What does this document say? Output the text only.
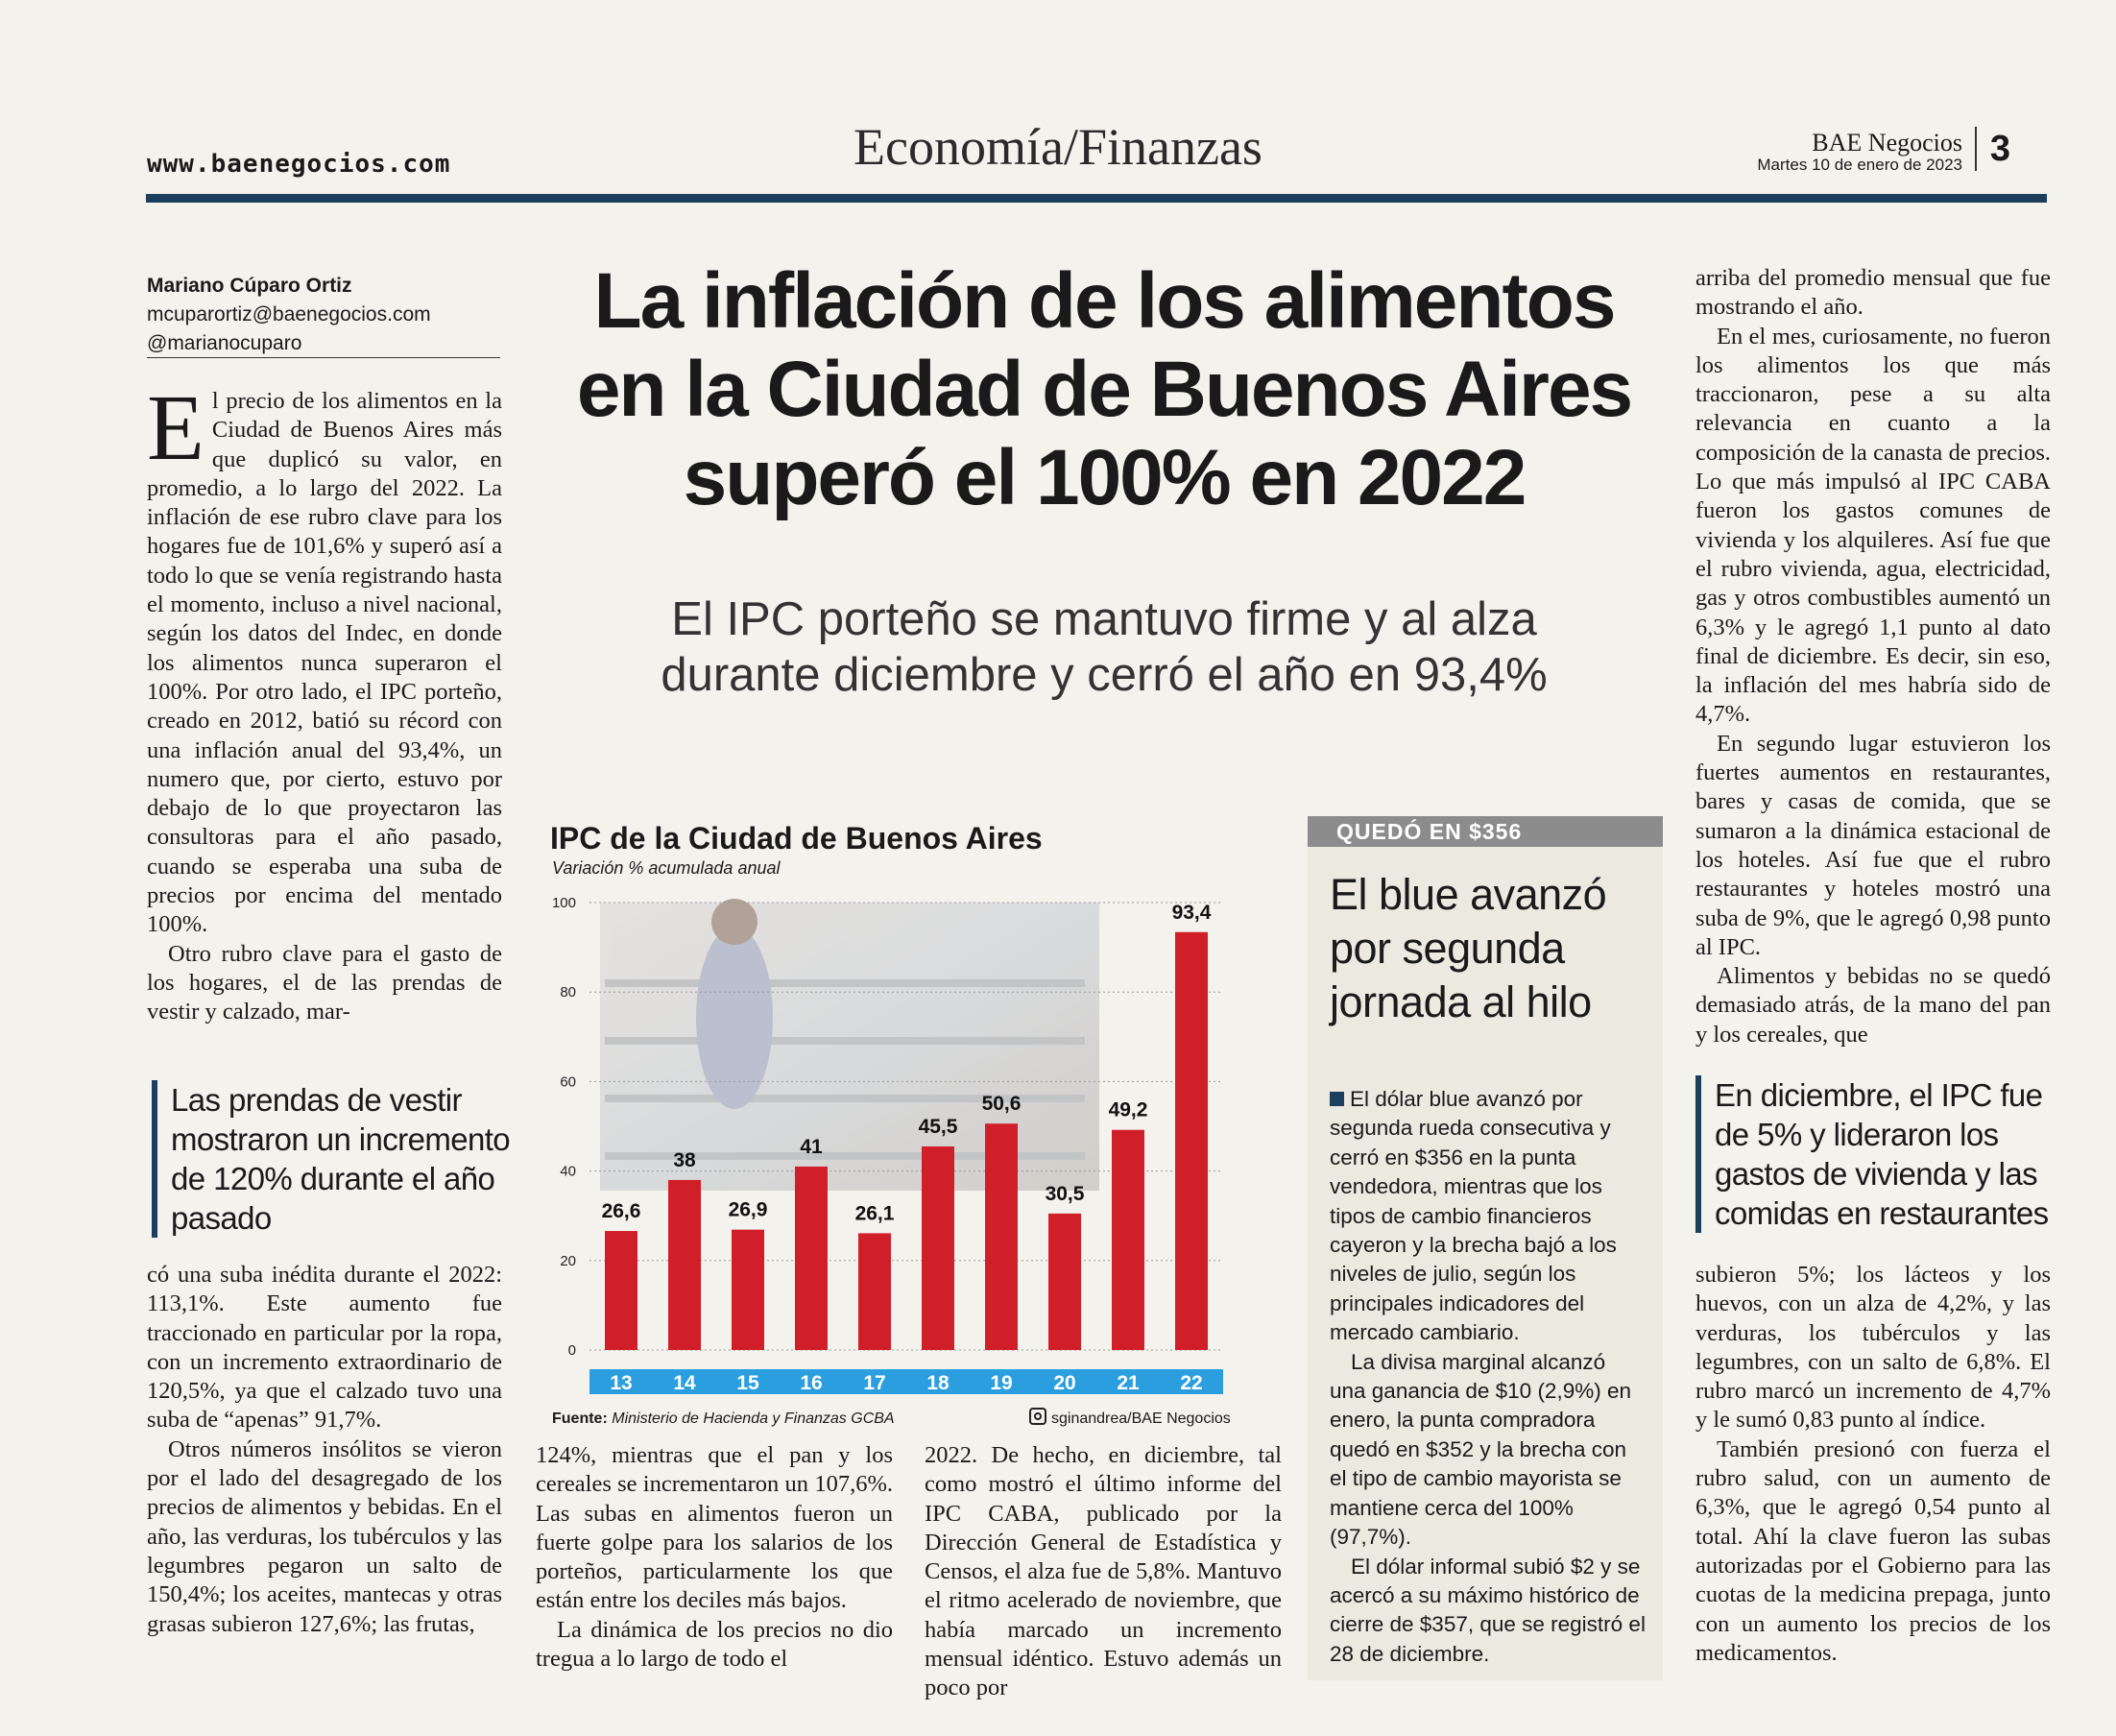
www.baenegocios.com	Economía/Finanzas	BAE Negocios
Martes 10 de enero de 2023 3
Mariano Cúparo Ortiz
mcuparortiz@baenegocios.com
@marianocuparo
E l precio de los alimentos en la Ciudad de Buenos Aires más que duplicó su valor, en promedio, a lo largo del 2022. La inflación de ese rubro clave para los hogares fue de 101,6% y superó así a todo lo que se venía registrando hasta el momento, incluso a nivel nacional, según los datos del Indec, en donde los alimentos nunca superaron el 100%. Por otro lado, el IPC porteño, creado en 2012, batió su récord con una inflación anual del 93,4%, un numero que, por cierto, estuvo por debajo de lo que proyectaron las consultoras para el año pasado, cuando se esperaba una suba de precios por encima del mentado 100%.

Otro rubro clave para el gasto de los hogares, el de las prendas de vestir y calzado, mar-

Las prendas de vestir mostraron un incremento de 120% durante el año pasado

có una suba inédita durante el 2022: 113,1%. Este aumento fue traccionado en particular por la ropa, con un incremento extraordinario de 120,5%, ya que el calzado tuvo una suba de “apenas” 91,7%.

Otros números insólitos se vieron por el lado del desagregado de los precios de alimentos y bebidas. En el año, las verduras, los tubérculos y las legumbres pegaron un salto de 150,4%; los aceites, mantecas y otras grasas subieron 127,6%; las frutas,

La inflación de los alimentos
en la Ciudad de Buenos Aires
superó el 100% en 2022
El IPC porteño se mantuvo firme y al alza
durante diciembre y cerró el año en 93,4%
IPC de la Ciudad de Buenos Aires
Variación % acumulada anual
0
20
40
60
80
100
26,6
38
26,9
41
26,1
45,5
50,6
30,5
49,2
93,4
13 14 15 16 17 18 19 20 21 22
Fuente: Ministerio de Hacienda y Finanzas GCBA	sginandrea/BAE Negocios

124%, mientras que el pan y los cereales se incrementaron un 107,6%. Las subas en alimentos fueron un fuerte golpe para los salarios de los porteños, particularmente los que están entre los deciles más bajos.

La dinámica de los precios no dio tregua a lo largo de todo el

2022. De hecho, en diciembre, tal como mostró el último informe del IPC CABA, publicado por la Dirección General de Estadística y Censos, el alza fue de 5,8%. Mantuvo el ritmo acelerado de noviembre, que había marcado un incremento mensual idéntico. Estuvo además un poco por

QUEDÓ EN $356
El blue avanzó por segunda jornada al hilo

El dólar blue avanzó por segunda rueda consecutiva y cerró en $356 en la punta vendedora, mientras que los tipos de cambio financieros cayeron y la brecha bajó a los niveles de julio, según los principales indicadores del mercado cambiario.

La divisa marginal alcanzó una ganancia de $10 (2,9%) en enero, la punta compradora quedó en $352 y la brecha con el tipo de cambio mayorista se mantiene cerca del 100% (97,7%).

El dólar informal subió $2 y se acercó a su máximo histórico de cierre de $357, que se registró el 28 de diciembre.

arriba del promedio mensual que fue mostrando el año.

En el mes, curiosamente, no fueron los alimentos los que más traccionaron, pese a su alta relevancia en cuanto a la composición de la canasta de precios. Lo que más impulsó al IPC CABA fueron los gastos comunes de vivienda y los alquileres. Así fue que el rubro vivienda, agua, electricidad, gas y otros combustibles aumentó un 6,3% y le agregó 1,1 punto al dato final de diciembre. Es decir, sin eso, la inflación del mes habría sido de 4,7%.

En segundo lugar estuvieron los fuertes aumentos en restaurantes, bares y casas de comida, que se sumaron a la dinámica estacional de los hoteles. Así fue que el rubro restaurantes y hoteles mostró una suba de 9%, que le agregó 0,98 punto al IPC.

Alimentos y bebidas no se quedó demasiado atrás, de la mano del pan y los cereales, que

En diciembre, el IPC fue de 5% y lideraron los gastos de vivienda y las comidas en restaurantes

subieron 5%; los lácteos y los huevos, con un alza de 4,2%, y las verduras, los tubérculos y las legumbres, con un salto de 6,8%. El rubro marcó un incremento de 4,7% y le sumó 0,83 punto al índice.

También presionó con fuerza el rubro salud, con un aumento de 6,3%, que le agregó 0,54 punto al total. Ahí la clave fueron las subas autorizadas por el Gobierno para las cuotas de la medicina prepaga, junto con un aumento los precios de los medicamentos.
